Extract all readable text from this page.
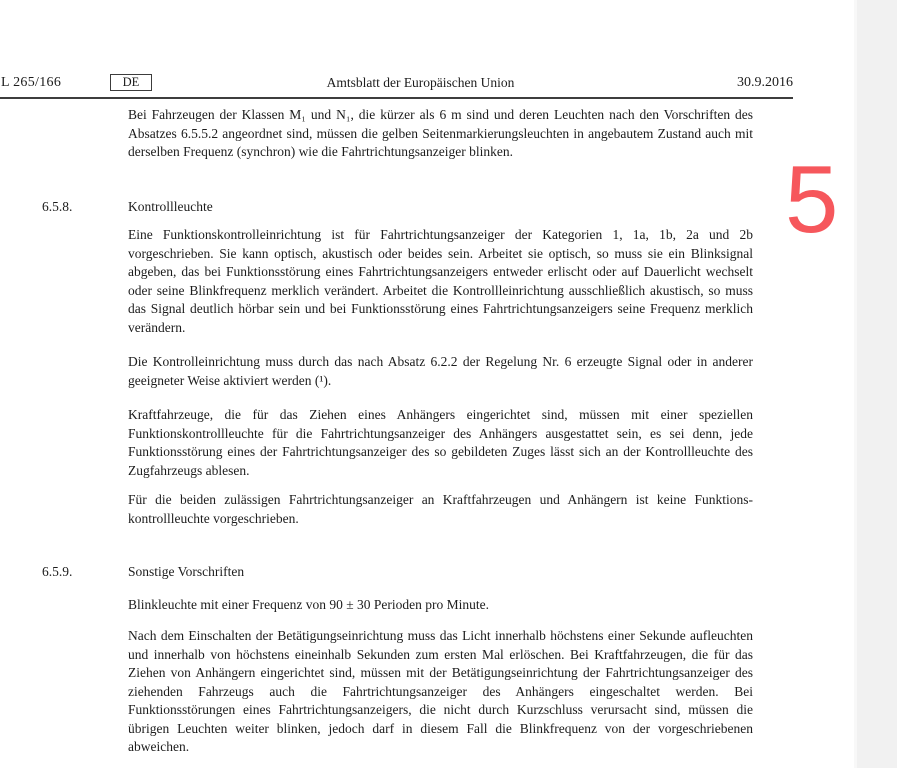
L 265/166	DE	Amtsblatt der Europäischen Union	30.9.2016
Bei Fahrzeugen der Klassen M₁ und N₁, die kürzer als 6 m sind und deren Leuchten nach den Vorschriften des Absatzes 6.5.5.2 angeordnet sind, müssen die gelben Seitenmarkierungsleuchten in angebautem Zustand auch mit derselben Frequenz (synchron) wie die Fahrtrichtungsanzeiger blinken.
6.5.8.	Kontrollleuchte
Eine Funktionskontrolleinrichtung ist für Fahrtrichtungsanzeiger der Kategorien 1, 1a, 1b, 2a und 2b vorgeschrieben. Sie kann optisch, akustisch oder beides sein. Arbeitet sie optisch, so muss sie ein Blinksignal abgeben, das bei Funktionsstörung eines Fahrtrichtungsanzeigers entweder erlischt oder auf Dauerlicht wechselt oder seine Blinkfrequenz merklich verändert. Arbeitet die Kontrollleinrichtung ausschließlich akustisch, so muss das Signal deutlich hörbar sein und bei Funktionsstörung eines Fahrtrichtungsanzeigers seine Frequenz merklich verändern.
Die Kontrolleinrichtung muss durch das nach Absatz 6.2.2 der Regelung Nr. 6 erzeugte Signal oder in anderer geeigneter Weise aktiviert werden (¹).
Kraftfahrzeuge, die für das Ziehen eines Anhängers eingerichtet sind, müssen mit einer speziellen Funktionskontrollleuchte für die Fahrtrichtungsanzeiger des Anhängers ausgestattet sein, es sei denn, jede Funktionsstörung eines der Fahrtrichtungsanzeiger des so gebildeten Zuges lässt sich an der Kontrollleuchte des Zugfahrzeugs ablesen.
Für die beiden zulässigen Fahrtrichtungsanzeiger an Kraftfahrzeugen und Anhängern ist keine Funktionskontrollleuchte vorgeschrieben.
6.5.9.	Sonstige Vorschriften
Blinkleuchte mit einer Frequenz von 90 ± 30 Perioden pro Minute.
Nach dem Einschalten der Betätigungseinrichtung muss das Licht innerhalb höchstens einer Sekunde aufleuchten und innerhalb von höchstens eineinhalb Sekunden zum ersten Mal erlöschen. Bei Kraftfahrzeugen, die für das Ziehen von Anhängern eingerichtet sind, müssen mit der Betätigungseinrichtung der Fahrtrichtungsanzeiger des ziehenden Fahrzeugs auch die Fahrtrichtungsanzeiger des Anhängers eingeschaltet werden. Bei Funktionsstörungen eines Fahrtrichtungsanzeigers, die nicht durch Kurzschluss verursacht sind, müssen die übrigen Leuchten weiter blinken, jedoch darf in diesem Fall die Blinkfrequenz von der vorgeschriebenen abweichen.
5
